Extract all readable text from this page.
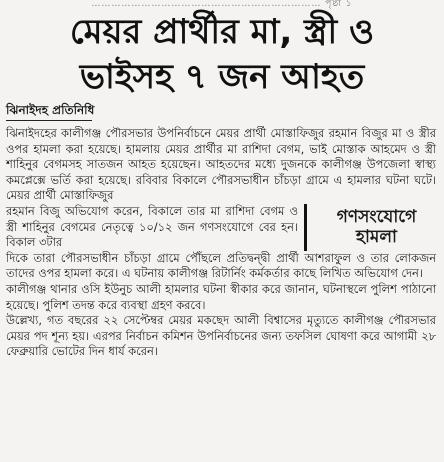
…………………………………………………………… পৃষ্ঠা ১
মেয়র প্রার্থীর মা, স্ত্রী ও
ভাইসহ ৭ জন আহত
ঝিনাইদহ প্রতিনিধি

ঝিনাইদহের কালীগঞ্জ পৌরসভার উপনির্বাচনে মেয়র প্রার্থী মোস্তাফিজুর রহমান বিজুর মা ও স্ত্রীর ওপর হামলা করা হয়েছে। হামলায় মেয়র প্রার্থীর মা রাশিদা বেগম, ভাই মোস্তাক আহমেদ ও স্ত্রী শাহিনুর বেগমসহ সাতজন আহত হয়েছেন। আহতদের মধ্যে দুজনকে কালীগঞ্জ উপজেলা স্বাস্থ্য কমপ্লেক্সে ভর্তি করা হয়েছে। রবিবার বিকালে পৌরসভাধীন চাঁচড়া গ্রামে এ হামলার ঘটনা ঘটে। মেয়র প্রার্থী মোস্তাফিজুর

রহমান বিজু অভিযোগ করেন, বিকালে তার মা রাশিদা বেগম ও স্ত্রী শাহিনুর বেগমের নেতৃত্বে ১০/১২ জন গণসংযোগে বের হন। বিকাল ৩টার

গণসংযোগে
হামলা

দিকে তারা পৌরসভাধীন চাঁচড়া গ্রামে পৌঁছলে প্রতিদ্বন্দ্বী প্রার্থী আশরাফুল ও তার লোকজন তাদের ওপর হামলা করে। এ ঘটনায় কালীগঞ্জ রিটার্নিং কর্মকর্তার কাছে লিখিত অভিযোগ দেন।

কালীগঞ্জ থানার ওসি ইউনুচ আলী হামলার ঘটনা স্বীকার করে জানান, ঘটনাস্থলে পুলিশ পাঠানো হয়েছে। পুলিশ তদন্ত করে ব্যবস্থা গ্রহণ করবে।

উল্লেখ্য, গত বছরের ২২ সেপ্টেম্বর মেয়র মকছেদ আলী বিশ্বাসের মৃত্যুতে কালীগঞ্জ পৌরসভার মেয়র পদ শূন্য হয়। এরপর নির্বাচন কমিশন উপনির্বাচনের জন্য তফসিল ঘোষণা করে আগামী ২৮ ফেব্রুয়ারি ভোটের দিন ধার্য করেন।
